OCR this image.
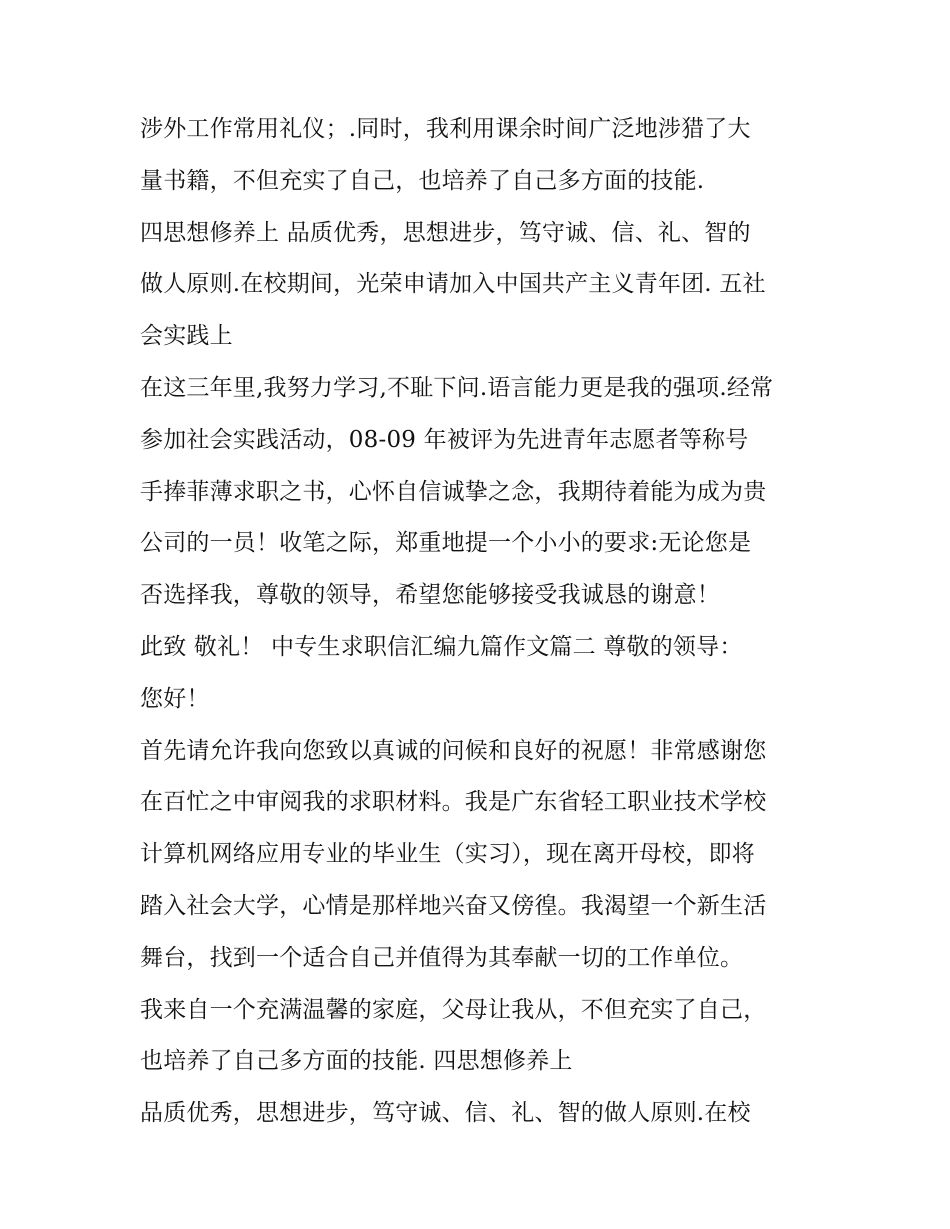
涉外工作常用礼仪；.同时，我利用课余时间广泛地涉猎了大
量书籍，不但充实了自己，也培养了自己多方面的技能.
四思想修养上 品质优秀，思想进步，笃守诚、信、礼、智的
做人原则.在校期间，光荣申请加入中国共产主义青年团. 五社
会实践上
在这三年里,我努力学习,不耻下问.语言能力更是我的强项.经常
参加社会实践活动，08-09 年被评为先进青年志愿者等称号
手捧菲薄求职之书，心怀自信诚挚之念，我期待着能为成为贵
公司的一员！收笔之际，郑重地提一个小小的要求:无论您是
否选择我，尊敬的领导，希望您能够接受我诚恳的谢意！
此致 敬礼！ 中专生求职信汇编九篇作文篇二 尊敬的领导：
您好！
首先请允许我向您致以真诚的问候和良好的祝愿！非常感谢您
在百忙之中审阅我的求职材料。我是广东省轻工职业技术学校
计算机网络应用专业的毕业生（实习），现在离开母校，即将
踏入社会大学，心情是那样地兴奋又傍徨。我渴望一个新生活
舞台，找到一个适合自己并值得为其奉献一切的工作单位。
我来自一个充满温馨的家庭，父母让我从，不但充实了自己，
也培养了自己多方面的技能. 四思想修养上
品质优秀，思想进步，笃守诚、信、礼、智的做人原则.在校
